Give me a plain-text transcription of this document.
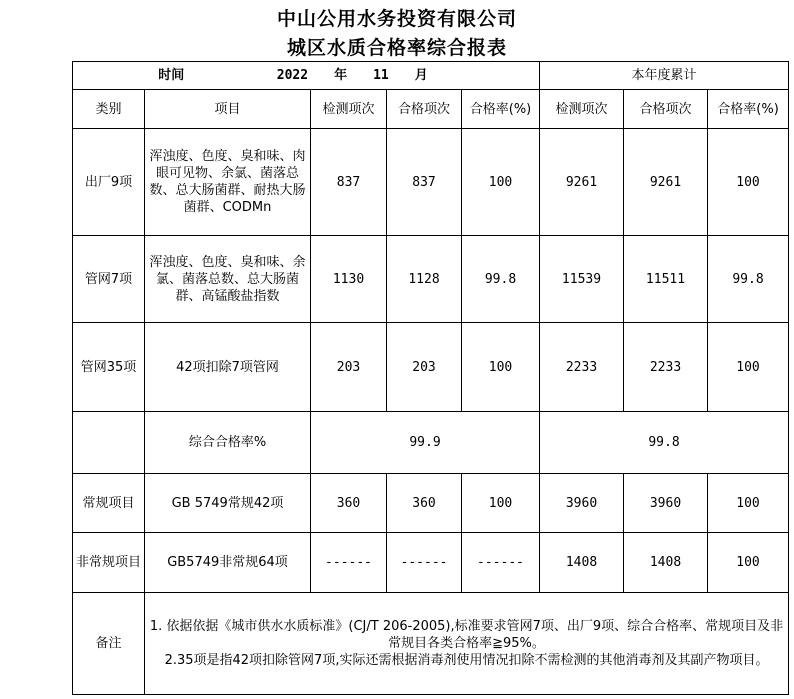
中山公用水务投资有限公司
城区水质合格率综合报表
时间 2022 年 11 月					本年度累计		
类别	项目	检测项次	合格项次	合格率(%)	检测项次	合格项次	合格率(%)
出厂9项	浑浊度、色度、臭和味、肉眼可见物、余氯、菌落总数、总大肠菌群、耐热大肠菌群、CODMn	837	837	100	9261	9261	100
管网7项	浑浊度、色度、臭和味、余氯、菌落总数、总大肠菌群、高锰酸盐指数	1130	1128	99.8	11539	11511	99.8
管网35项	42项扣除7项管网	203	203	100	2233	2233	100
	综合合格率%	99.9			99.8		
常规项目	GB 5749常规42项	360	360	100	3960	3960	100
非常规项目	GB5749非常规64项	------	------	------	1408	1408	100
备注	1. 依据依据《城市供水水质标准》(CJ/T 206-2005),标准要求管网7项、出厂9项、综合合格率、常规项目及非常规目各类合格率≧95%。
2.35项是指42项扣除管网7项,实际还需根据消毒剂使用情况扣除不需检测的其他消毒剂及其副产物项目。						
